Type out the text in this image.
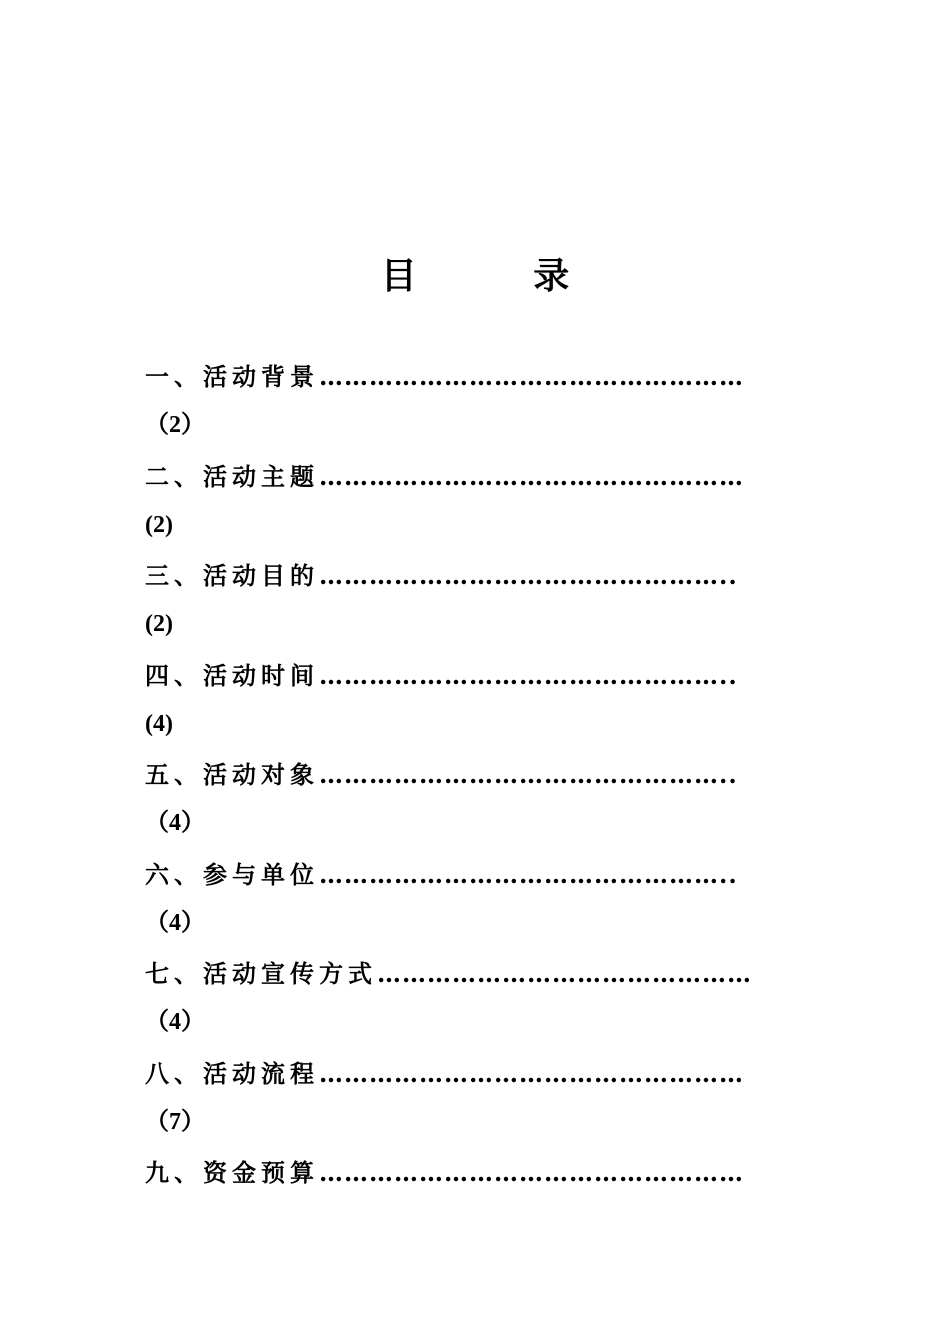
目 录
一、活动背景……………………………………………
（2）
二、活动主题……………………………………………
(2)
三、活动目的…………………………………………..
(2)
四、活动时间…………………………………………..
(4)
五、活动对象…………………………………………..
（4）
六、参与单位…………………………………………..
（4）
七、活动宣传方式………………………………………
（4）
八、活动流程……………………………………………
（7）
九、资金预算……………………………………………
